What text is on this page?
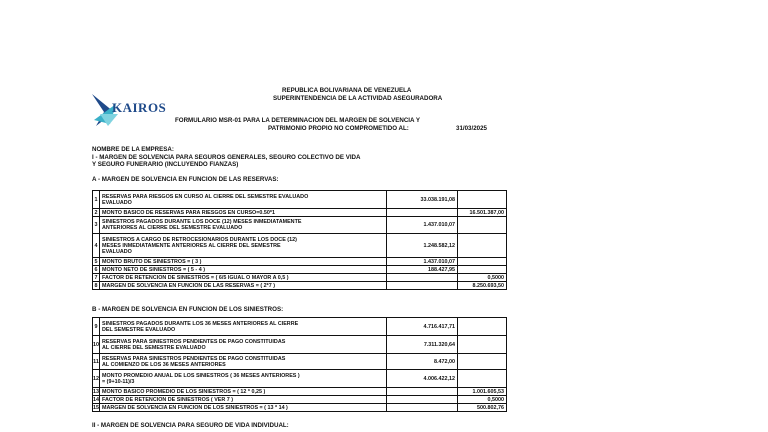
KAIROS
REPUBLICA BOLIVARIANA DE VENEZUELA
SUPERINTENDENCIA DE LA ACTIVIDAD ASEGURADORA
FORMULARIO MSR-01 PARA LA DETERMINACION DEL MARGEN DE SOLVENCIA Y
PATRIMONIO PROPIO NO COMPROMETIDO AL:	31/03/2025
NOMBRE DE LA EMPRESA:
I - MARGEN DE SOLVENCIA PARA SEGUROS GENERALES, SEGURO COLECTIVO DE VIDA
Y SEGURO FUNERARIO (INCLUYENDO FIANZAS)
A - MARGEN DE SOLVENCIA EN FUNCION DE LAS RESERVAS:
1	RESERVAS PARA RIESGOS EN CURSO AL CIERRE DEL SEMESTRE EVALUADO
EVALUADO	33.038.191,08	
2	MONTO BASICO DE RESERVAS PARA RIESGOS EN CURSO=0.50*1		16.501.387,00
3	SINIESTROS PAGADOS DURANTE LOS DOCE (12) MESES INMEDIATAMENTE
ANTERIORES AL CIERRE DEL SEMESTRE EVALUADO	1.437.010,07	
4	SINIESTROS A CARGO DE RETROCESIONARIOS DURANTE LOS DOCE (12)
MESES INMEDIATAMENTE ANTERIORES AL CIERRE DEL SEMESTRE
EVALUADO	1.248.582,12	
5	MONTO BRUTO DE SINIESTROS = ( 3 )	1.437.010,07	
6	MONTO NETO DE SINIESTROS = ( 5 - 4 )	188.427,95	
7	FACTOR DE RETENCION DE SINIESTROS = ( 6/5 IGUAL O MAYOR A 0,5 )		0,5000
8	MARGEN DE SOLVENCIA EN FUNCION DE LAS RESERVAS = ( 2*7 )		8.250.693,50
B - MARGEN DE SOLVENCIA EN FUNCION DE LOS SINIESTROS:
9	SINIESTROS PAGADOS DURANTE LOS 36 MESES ANTERIORES AL CIERRE
DEL SEMESTRE EVALUADO	4.716.417,71	
10	RESERVAS PARA SINIESTROS PENDIENTES DE PAGO CONSTITUIDAS
AL CIERRE DEL SEMESTRE EVALUADO	7.311.320,64	
11	RESERVAS PARA SINIESTROS PENDIENTES DE PAGO CONSTITUIDAS
AL COMIENZO DE LOS 36 MESES ANTERIORES	8.472,00	
12	MONTO PROMEDIO ANUAL DE LOS SINIESTROS ( 36 MESES ANTERIORES )
= (9+10-11)/3	4.006.422,12	
13	MONTO BASICO PROMEDIO DE LOS SINIESTROS = ( 12 * 0,25 )		1.001.605,53
14	FACTOR DE RETENCION DE SINIESTROS ( VER 7 )		0,5000
15	MARGEN DE SOLVENCIA EN FUNCION DE LOS SINIESTROS = ( 13 * 14 )		500.802,76
II - MARGEN DE SOLVENCIA PARA SEGURO DE VIDA INDIVIDUAL:
